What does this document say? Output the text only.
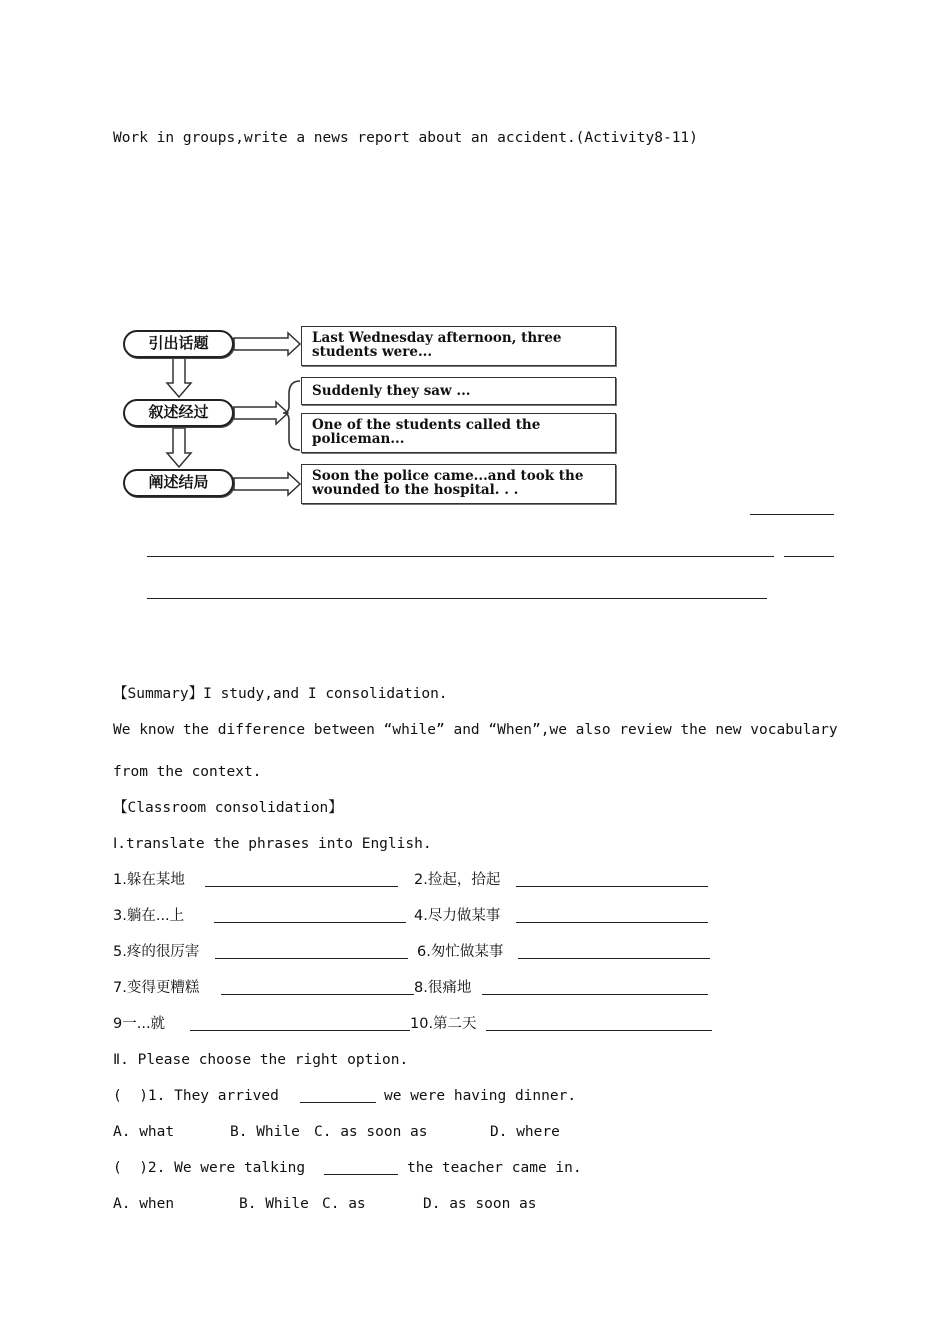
Work in groups,write a news report about an accident.(Activity8-11)
引出话题
叙述经过
阐述结局
Last Wednesday afternoon, three
students were...
Suddenly they saw ...
One of the students called the
policeman...
Soon the police came...and took the
wounded to the hospital. . .
【Summary】I study,and I consolidation.
We know the difference between “while” and “When”,we also review the new vocabulary
from the context.
【Classroom consolidation】
Ⅰ.translate the phrases into English.
1.躲在某地	2.捡起，拾起
3.躺在...上	4.尽力做某事
5.疼的很厉害	6.匆忙做某事
7.变得更糟糕	8.很痛地
9一...就	10.第二天
Ⅱ. Please choose the right option.
(  )1. They arrived	we were having dinner.
A. what	B. While C. as soon as	D. where
(  )2. We were talking	the teacher came in.
A. when	B. While C. as	D. as soon as
